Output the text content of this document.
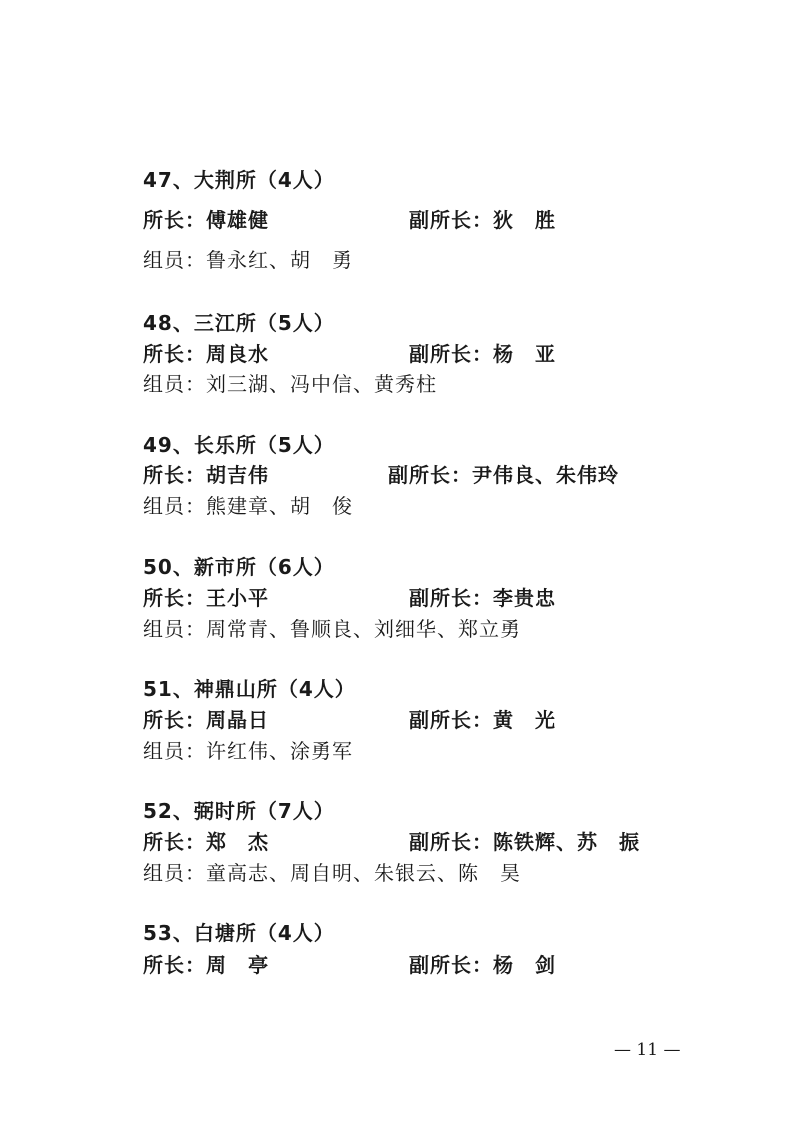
47、大荆所（4人）
所长：傅雄健	副所长：狄　胜
组员：鲁永红、胡　勇
48、三江所（5人）
所长：周良水	副所长：杨　亚
组员：刘三湖、冯中信、黄秀柱
49、长乐所（5人）
所长：胡吉伟	副所长：尹伟良、朱伟玲
组员：熊建章、胡　俊
50、新市所（6人）
所长：王小平	副所长：李贵忠
组员：周常青、鲁顺良、刘细华、郑立勇
51、神鼎山所（4人）
所长：周晶日	副所长：黄　光
组员：许红伟、涂勇军
52、弼时所（7人）
所长：郑　杰	副所长：陈铁辉、苏　振
组员：童高志、周自明、朱银云、陈　昊
53、白塘所（4人）
所长：周　亭	副所长：杨　剑
— 11 —
